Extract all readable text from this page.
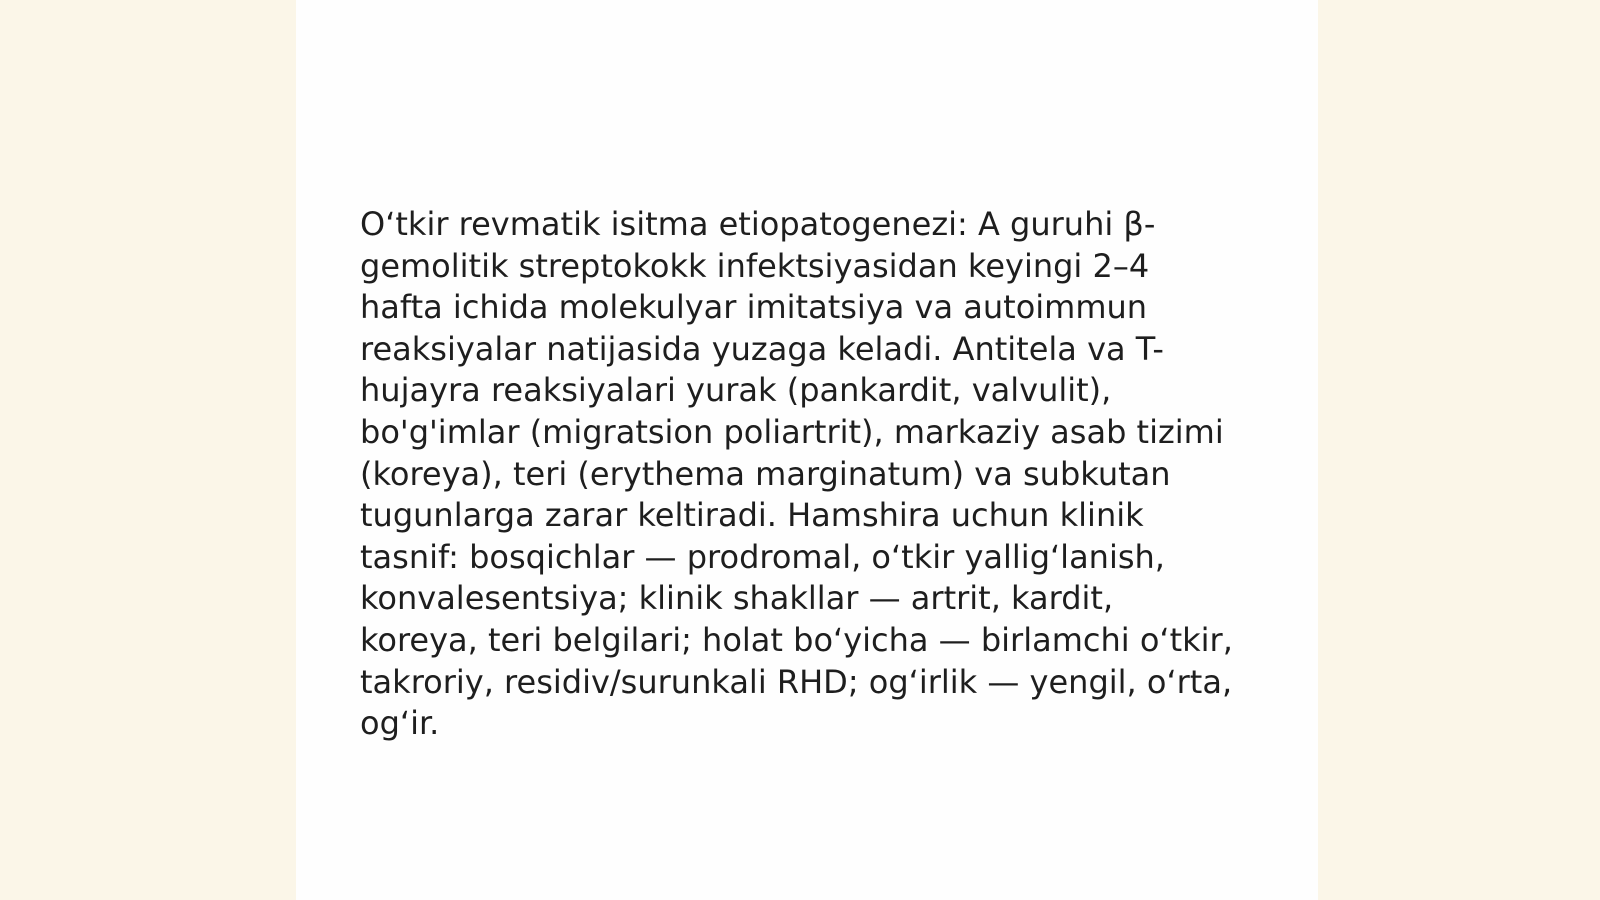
O‘tkir revmatik isitma etiopatogenezi: A guruhi β-
gemolitik streptokokk infektsiyasidan keyingi 2–4
hafta ichida molekulyar imitatsiya va autoimmun
reaksiyalar natijasida yuzaga keladi. Antitela va T-
hujayra reaksiyalari yurak (pankardit, valvulit),
bo'g'imlar (migratsion poliartrit), markaziy asab tizimi
(koreya), teri (erythema marginatum) va subkutan
tugunlarga zarar keltiradi. Hamshira uchun klinik
tasnif: bosqichlar — prodromal, o‘tkir yallig‘lanish,
konvalesentsiya; klinik shakllar — artrit, kardit,
koreya, teri belgilari; holat bo‘yicha — birlamchi o‘tkir,
takroriy, residiv/surunkali RHD; og‘irlik — yengil, o‘rta,
og‘ir.
